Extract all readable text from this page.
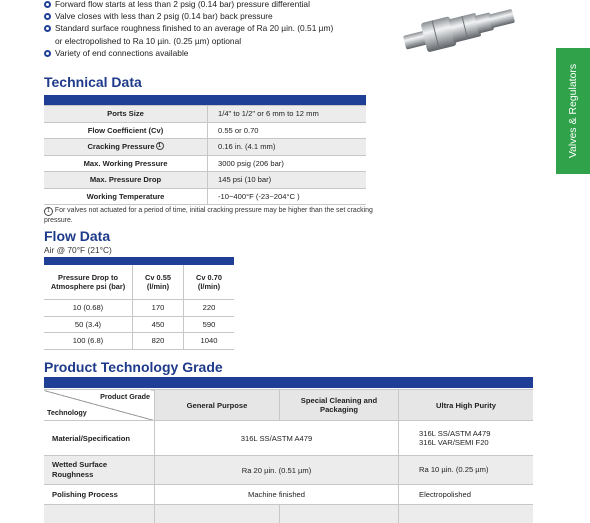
Forward flow starts at less than 2 psig (0.14 bar) pressure differential
Valve closes with less than 2 psig (0.14 bar) back pressure
Standard surface roughness finished to an average of Ra 20 µin. (0.51 µm)
or electropolished to Ra 10 µin. (0.25 µm) optional
Variety of end connections available
Valves & Regulators
Technical Data
Ports Size	1/4" to 1/2" or 6 mm to 12 mm
Flow Coefficient (Cv)	0.55 or 0.70
Cracking Pressure 1	0.16 in. (4.1 mm)
Max. Working Pressure	3000 psig (206 bar)
Max. Pressure Drop	145 psi (10 bar)
Working Temperature	-10~400°F (-23~204°C )
1 For valves not actuated for a period of time, initial cracking pressure may be higher than the set cracking pressure.
Flow Data
Air @ 70°F (21°C)
Pressure Drop to Atmosphere psi (bar)	Cv 0.55 (l/min)	Cv 0.70 (l/min)
10 (0.68)	170	220
50 (3.4)	450	590
100 (6.8)	820	1040
Product Technology Grade
Product Grade
Technology	General Purpose	Special Cleaning and Packaging	Ultra High Purity
Material/Specification	316L SS/ASTM A479		316L SS/ASTM A479
316L VAR/SEMI F20
Wetted Surface Roughness	Ra 20 µin. (0.51 µm)		Ra 10 µin. (0.25 µm)
Polishing Process	Machine finished		Electropolished
